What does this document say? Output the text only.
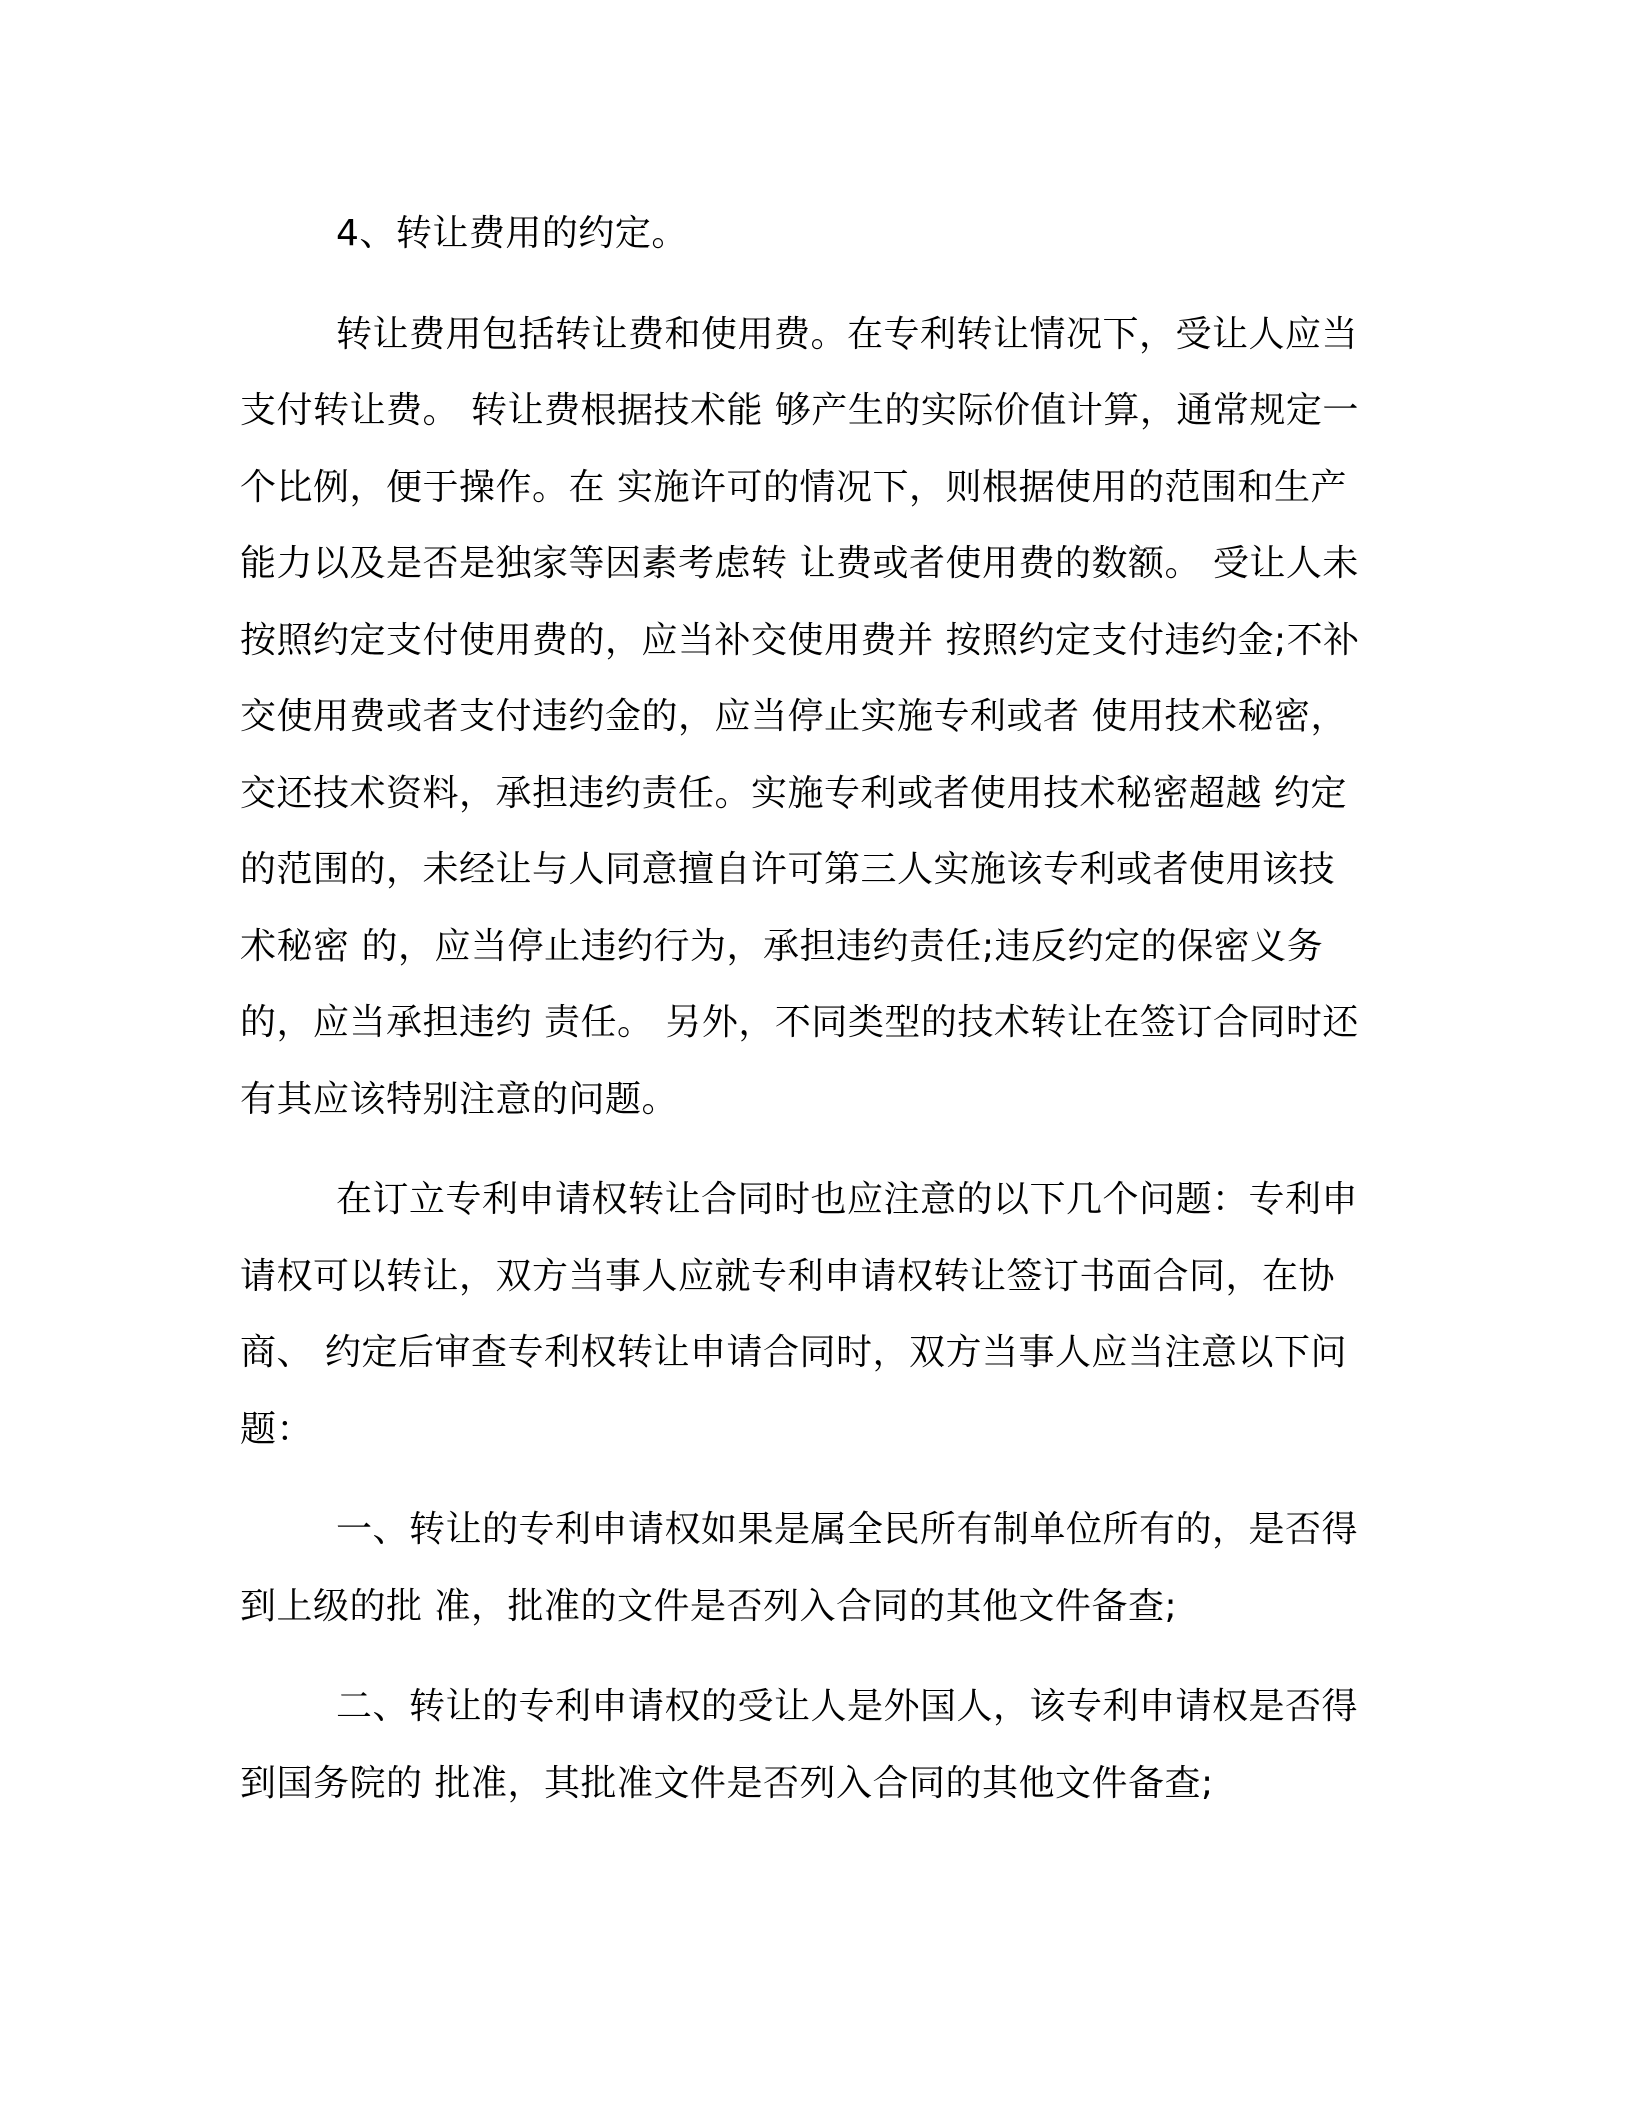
4、转让费用的约定。

转让费用包括转让费和使用费。在专利转让情况下，受让人应当支付转让费。 转让费根据技术能 够产生的实际价值计算，通常规定一个比例，便于操作。在 实施许可的情况下，则根据使用的范围和生产能力以及是否是独家等因素考虑转 让费或者使用费的数额。 受让人未按照约定支付使用费的，应当补交使用费并 按照约定支付违约金;不补交使用费或者支付违约金的，应当停止实施专利或者 使用技术秘密，交还技术资料，承担违约责任。实施专利或者使用技术秘密超越 约定的范围的，未经让与人同意擅自许可第三人实施该专利或者使用该技术秘密 的，应当停止违约行为，承担违约责任;违反约定的保密义务的，应当承担违约 责任。 另外，不同类型的技术转让在签订合同时还有其应该特别注意的问题。

在订立专利申请权转让合同时也应注意的以下几个问题：专利申请权可以转让，双方当事人应就专利申请权转让签订书面合同，在协商、 约定后审查专利权转让申请合同时，双方当事人应当注意以下问题：

一、转让的专利申请权如果是属全民所有制单位所有的，是否得到上级的批 准，批准的文件是否列入合同的其他文件备查;

二、转让的专利申请权的受让人是外国人，该专利申请权是否得到国务院的 批准，其批准文件是否列入合同的其他文件备查;
